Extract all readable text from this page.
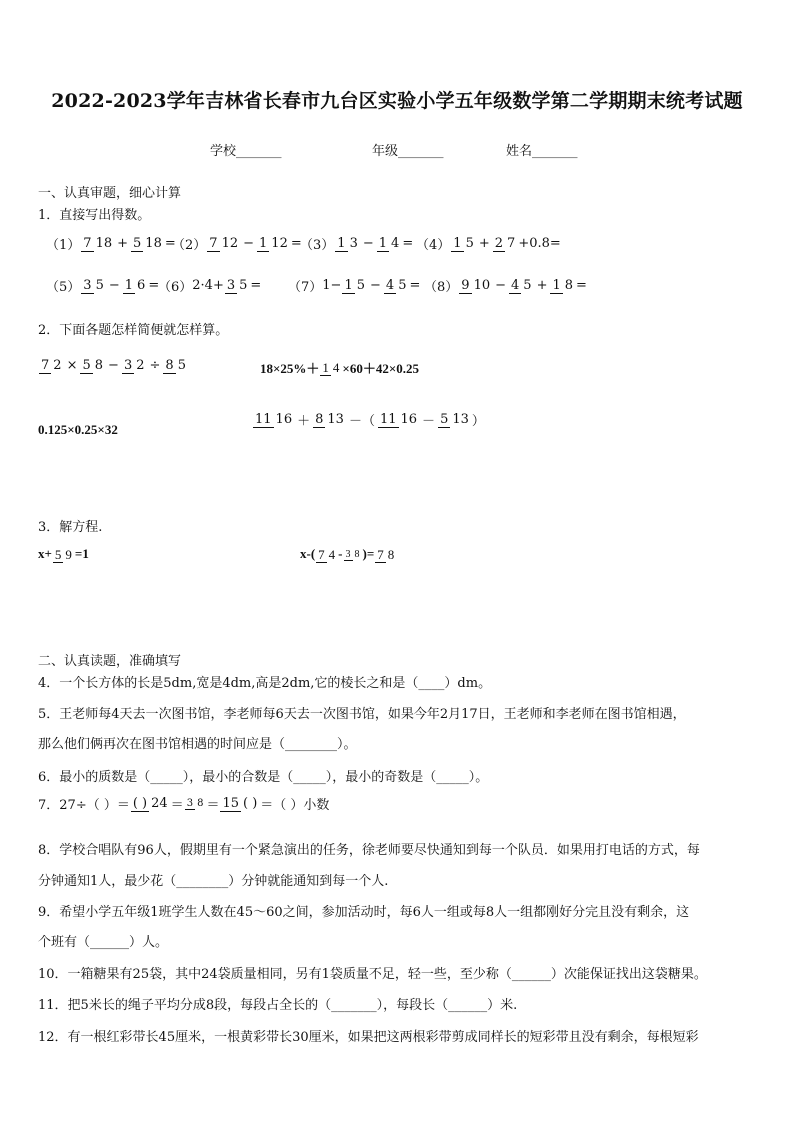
2022-2023学年吉林省长春市九台区实验小学五年级数学第二学期期末统考试题
学校_______	年级_______	姓名_______
一、认真审题，细心计算
1．直接写出得数。
（1） 7 18 + 5 18 =
（2） 7 12 − 1 12 =
（3） 1 3 − 1 4 = （4） 1 5 + 2 7 +0.8=
（5） 3 5 − 1 6 =
（6） 2·4+ 3 5 = （7） 1− 1 5 − 4 5 = （8） 9 10 − 4 5 + 1 8 =
2．下面各题怎样简便就怎样算。
7 2 × 5 8 − 3 2 ÷ 8 5	18×25%＋ 1 4 ×60＋42×0.25
0.125×0.25×32
11 16 ＋ 8 13 －（ 11 16 － 5 13 ）
3．解方程.
x+ 5 9 =1	x-( 7 4 - 3 8 )= 7 8
二、认真读题，准确填写
4．一个长方体的长是5dm,宽是4dm,高是2dm,它的棱长之和是（____）dm。
5．王老师每4天去一次图书馆，李老师每6天去一次图书馆，如果今年2月17日，王老师和李老师在图书馆相遇，
那么他们俩再次在图书馆相遇的时间应是（________）。
6．最小的质数是（_____），最小的合数是（_____），最小的奇数是（_____）。
7．27÷（ ）＝ ( ) 24 ＝ 3 8 ＝ 15 ( ) ＝（ ）小数
8．学校合唱队有96人，假期里有一个紧急演出的任务，徐老师要尽快通知到每一个队员．如果用打电话的方式，每
分钟通知1人，最少花（________）分钟就能通知到每一个人.
9．希望小学五年级1班学生人数在45～60之间，参加活动时，每6人一组或每8人一组都刚好分完且没有剩余，这
个班有（______）人。
10．一箱糖果有25袋，其中24袋质量相同，另有1袋质量不足，轻一些，至少称（______）次能保证找出这袋糖果。
11．把5米长的绳子平均分成8段，每段占全长的（_______），每段长（______）米.
12．有一根红彩带长45厘米，一根黄彩带长30厘米，如果把这两根彩带剪成同样长的短彩带且没有剩余，每根短彩
